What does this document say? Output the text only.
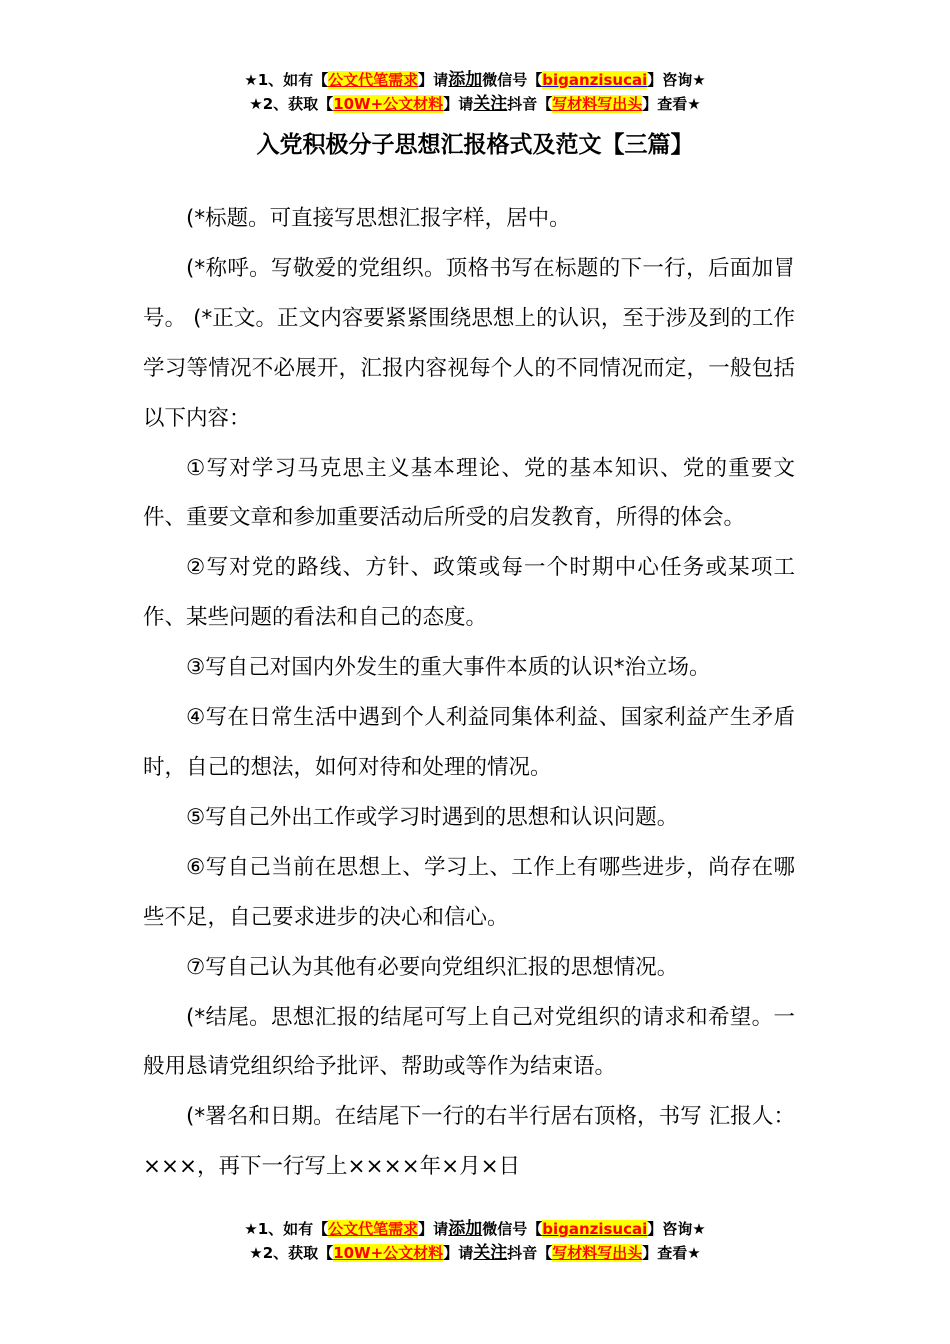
★1、如有【公文代笔需求】请添加微信号【biganzisucai】咨询★
★2、获取【10W+公文材料】请关注抖音【写材料写出头】查看★
入党积极分子思想汇报格式及范文【三篇】

(*标题。可直接写思想汇报字样，居中。

(*称呼。写敬爱的党组织。顶格书写在标题的下一行，后面加冒号。 (*正文。正文内容要紧紧围绕思想上的认识，至于涉及到的工作学习等情况不必展开，汇报内容视每个人的不同情况而定，一般包括以下内容：

①写对学习马克思主义基本理论、党的基本知识、党的重要文件、重要文章和参加重要活动后所受的启发教育，所得的体会。

②写对党的路线、方针、政策或每一个时期中心任务或某项工作、某些问题的看法和自己的态度。

③写自己对国内外发生的重大事件本质的认识*治立场。

④写在日常生活中遇到个人利益同集体利益、国家利益产生矛盾时，自己的想法，如何对待和处理的情况。

⑤写自己外出工作或学习时遇到的思想和认识问题。

⑥写自己当前在思想上、学习上、工作上有哪些进步，尚存在哪些不足，自己要求进步的决心和信心。

⑦写自己认为其他有必要向党组织汇报的思想情况。

(*结尾。思想汇报的结尾可写上自己对党组织的请求和希望。一般用恳请党组织给予批评、帮助或等作为结束语。

(*署名和日期。在结尾下一行的右半行居右顶格，书写 汇报人：×××，再下一行写上××××年×月×日

★1、如有【公文代笔需求】请添加微信号【biganzisucai】咨询★
★2、获取【10W+公文材料】请关注抖音【写材料写出头】查看★
